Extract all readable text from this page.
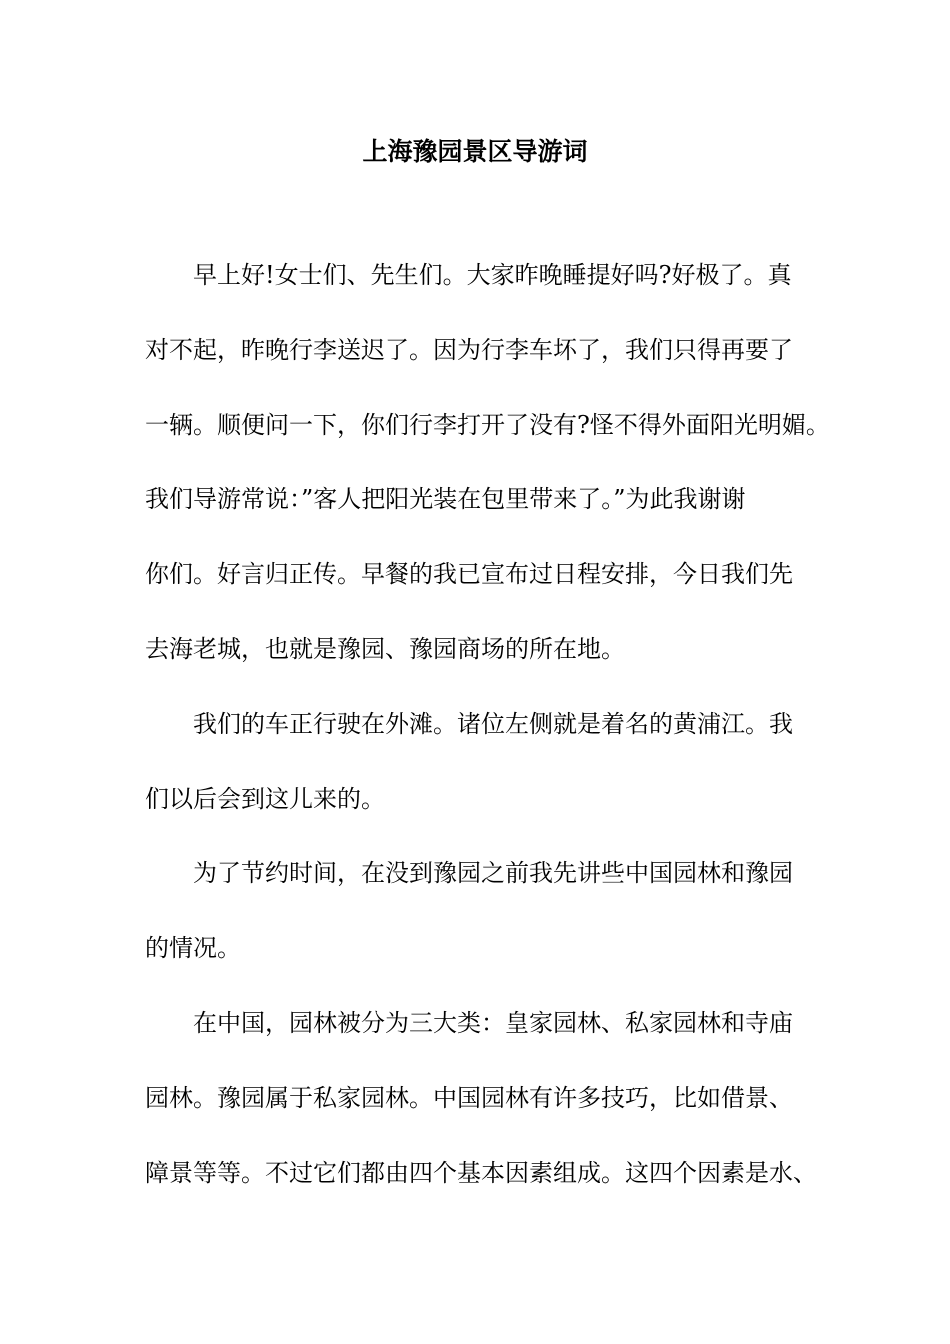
上海豫园景区导游词
早上好!女士们、先生们。大家昨晚睡提好吗?好极了。真
对不起，昨晚行李送迟了。因为行李车坏了，我们只得再要了
一辆。顺便问一下，你们行李打开了没有?怪不得外面阳光明媚。
我们导游常说：”客人把阳光装在包里带来了。”为此我谢谢
你们。好言归正传。早餐的我已宣布过日程安排，今日我们先
去海老城，也就是豫园、豫园商场的所在地。
我们的车正行驶在外滩。诸位左侧就是着名的黄浦江。我
们以后会到这儿来的。
为了节约时间，在没到豫园之前我先讲些中国园林和豫园
的情况。
在中国，园林被分为三大类：皇家园林、私家园林和寺庙
园林。豫园属于私家园林。中国园林有许多技巧，比如借景、
障景等等。不过它们都由四个基本因素组成。这四个因素是水、
